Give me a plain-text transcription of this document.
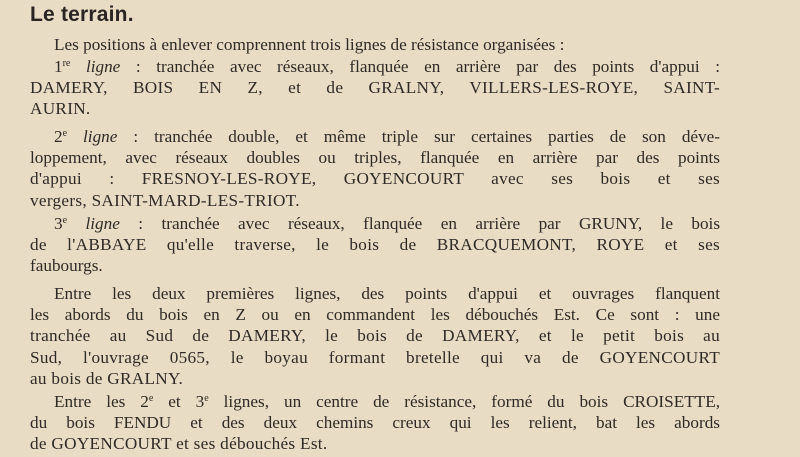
Le terrain.

Les positions à enlever comprennent trois lignes de résistance organisées :

1re ligne : tranchée avec réseaux, flanquée en arrière par des points d'appui :
DAMERY, BOIS EN Z, et de GRALNY, VILLERS-LES-ROYE, SAINT-
AURIN.

2e ligne : tranchée double, et même triple sur certaines parties de son déve-
loppement, avec réseaux doubles ou triples, flanquée en arrière par des points
d'appui : FRESNOY-LES-ROYE, GOYENCOURT avec ses bois et ses
vergers, SAINT-MARD-LES-TRIOT.

3e ligne : tranchée avec réseaux, flanquée en arrière par GRUNY, le bois
de l'ABBAYE qu'elle traverse, le bois de BRACQUEMONT, ROYE et ses
faubourgs.

Entre les deux premières lignes, des points d'appui et ouvrages flanquent
les abords du bois en Z ou en commandent les débouchés Est. Ce sont : une
tranchée au Sud de DAMERY, le bois de DAMERY, et le petit bois au
Sud, l'ouvrage 0565, le boyau formant bretelle qui va de GOYENCOURT
au bois de GRALNY.

Entre les 2e et 3e lignes, un centre de résistance, formé du bois CROISETTE,
du bois FENDU et des deux chemins creux qui les relient, bat les abords
de GOYENCOURT et ses débouchés Est.
